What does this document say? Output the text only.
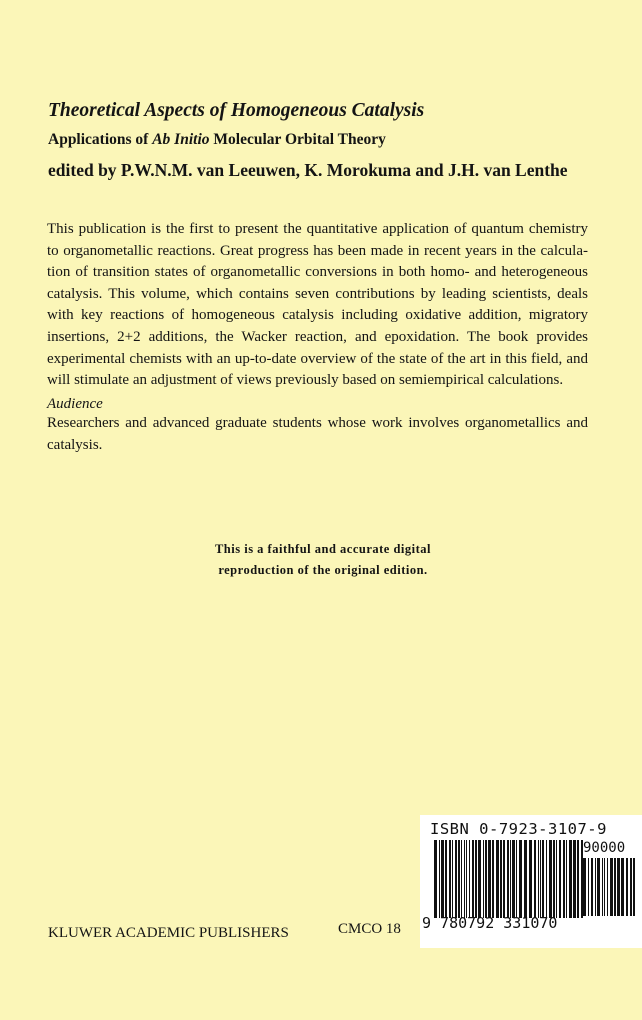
Theoretical Aspects of Homogeneous Catalysis
Applications of Ab Initio Molecular Orbital Theory
edited by P.W.N.M. van Leeuwen, K. Morokuma and J.H. van Lenthe
This publication is the first to present the quantitative application of quantum chemistry to organometallic reactions. Great progress has been made in recent years in the calcula-tion of transition states of organometallic conversions in both homo- and heterogeneous catalysis. This volume, which contains seven contributions by leading scientists, deals with key reactions of homogeneous catalysis including oxidative addition, migratory insertions, 2+2 additions, the Wacker reaction, and epoxidation. The book provides experimental chemists with an up-to-date overview of the state of the art in this field, and will stimulate an adjustment of views previously based on semiempirical calculations.
Audience
Researchers and advanced graduate students whose work involves organometallics and catalysis.
This is a faithful and accurate digital
reproduction of the original edition.
ISBN 0-7923-3107-9
90000
9 780792 331070
KLUWER ACADEMIC PUBLISHERS	CMCO 18
